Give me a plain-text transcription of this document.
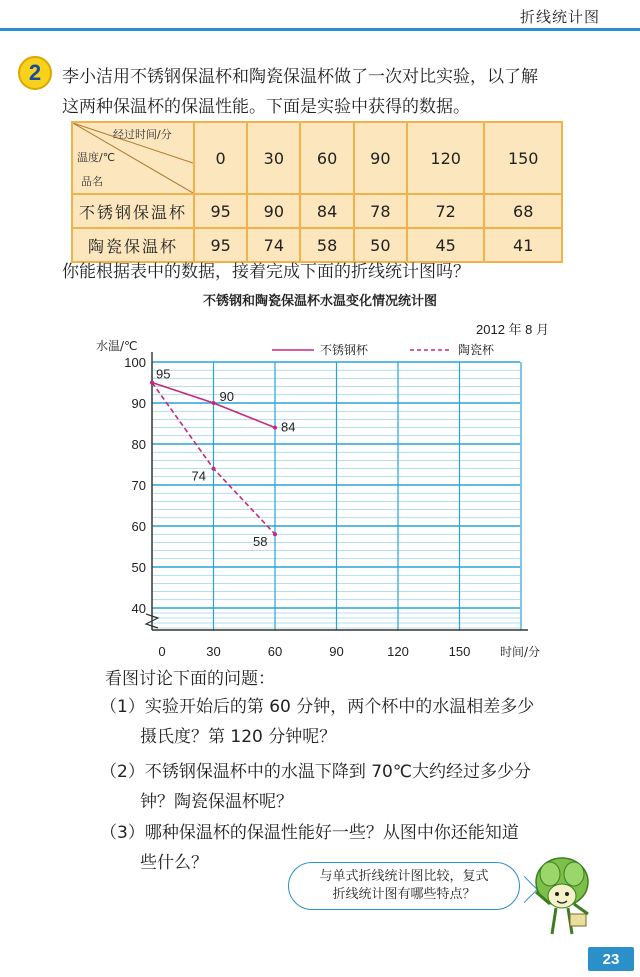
折线统计图
2	李小洁用不锈钢保温杯和陶瓷保温杯做了一次对比实验，以了解
这两种保温杯的保温性能。下面是实验中获得的数据。
经过时间/分
温度/℃
品名	0	30	60	90	120	150
不锈钢保温杯	95	90	84	78	72	68
陶瓷保温杯	95	74	58	50	45	41
你能根据表中的数据，接着完成下面的折线统计图吗？
不锈钢和陶瓷保温杯水温变化情况统计图
40
50
60
70
80
90
100
0	30	60	90	120	150
水温/℃
时间/分
2012 年 8 月
不锈钢杯	陶瓷杯
95
90
84
74
58
看图讨论下面的问题：
（1）实验开始后的第 60 分钟，两个杯中的水温相差多少
摄氏度？第 120 分钟呢？
（2）不锈钢保温杯中的水温下降到 70℃大约经过多少分
钟？陶瓷保温杯呢？
（3）哪种保温杯的保温性能好一些？从图中你还能知道
些什么？
与单式折线统计图比较，复式
折线统计图有哪些特点？
23
